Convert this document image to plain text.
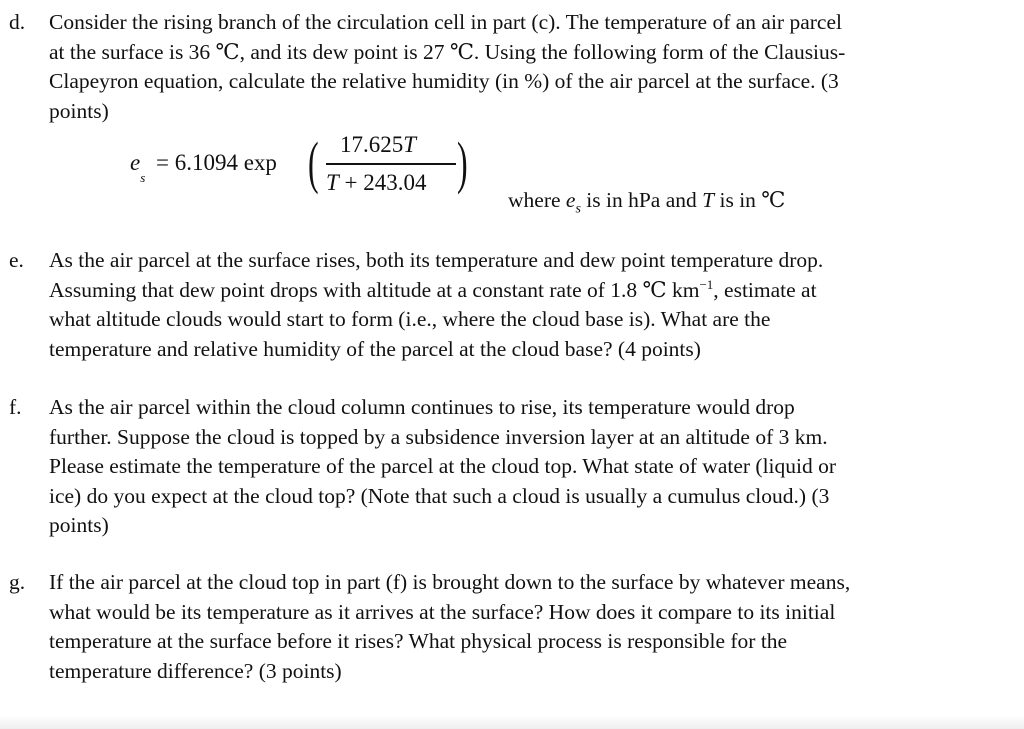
d. Consider the rising branch of the circulation cell in part (c). The temperature of an air parcel
at the surface is 36 ℃, and its dew point is 27 ℃. Using the following form of the Clausius-
Clapeyron equation, calculate the relative humidity (in %) of the air parcel at the surface. (3
points)
$e_s$
= 6.1094 exp ( 17.625T
T + 243.04 )
where $e_s$ is in hPa and T is in ℃
e. As the air parcel at the surface rises, both its temperature and dew point temperature drop.
Assuming that dew point drops with altitude at a constant rate of 1.8 ℃ $km^{-1}$, estimate at
what altitude clouds would start to form (i.e., where the cloud base is). What are the
temperature and relative humidity of the parcel at the cloud base? (4 points)
f. As the air parcel within the cloud column continues to rise, its temperature would drop
further. Suppose the cloud is topped by a subsidence inversion layer at an altitude of 3 km.
Please estimate the temperature of the parcel at the cloud top. What state of water (liquid or
ice) do you expect at the cloud top? (Note that such a cloud is usually a cumulus cloud.) (3
points)
g. If the air parcel at the cloud top in part (f) is brought down to the surface by whatever means,
what would be its temperature as it arrives at the surface? How does it compare to its initial
temperature at the surface before it rises? What physical process is responsible for the
temperature difference? (3 points)
